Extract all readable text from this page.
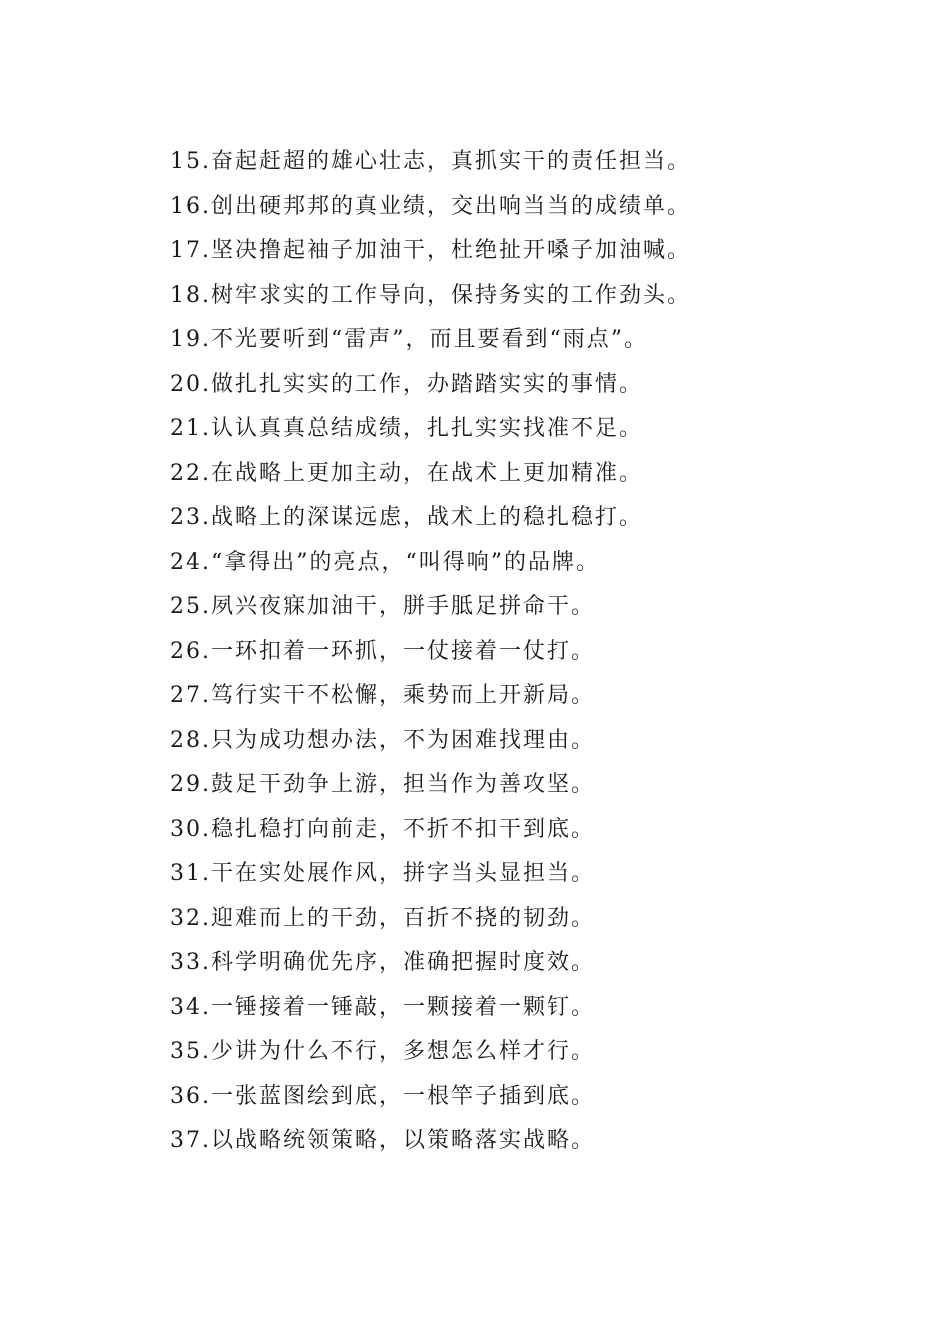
15.奋起赶超的雄心壮志，真抓实干的责任担当。
16.创出硬邦邦的真业绩，交出响当当的成绩单。
17.坚决撸起袖子加油干，杜绝扯开嗓子加油喊。
18.树牢求实的工作导向，保持务实的工作劲头。
19.不光要听到“雷声”，而且要看到“雨点”。
20.做扎扎实实的工作，办踏踏实实的事情。
21.认认真真总结成绩，扎扎实实找准不足。
22.在战略上更加主动，在战术上更加精准。
23.战略上的深谋远虑，战术上的稳扎稳打。
24.“拿得出”的亮点，“叫得响”的品牌。
25.夙兴夜寐加油干，胼手胝足拼命干。
26.一环扣着一环抓，一仗接着一仗打。
27.笃行实干不松懈，乘势而上开新局。
28.只为成功想办法，不为困难找理由。
29.鼓足干劲争上游，担当作为善攻坚。
30.稳扎稳打向前走，不折不扣干到底。
31.干在实处展作风，拼字当头显担当。
32.迎难而上的干劲，百折不挠的韧劲。
33.科学明确优先序，准确把握时度效。
34.一锤接着一锤敲，一颗接着一颗钉。
35.少讲为什么不行，多想怎么样才行。
36.一张蓝图绘到底，一根竿子插到底。
37.以战略统领策略，以策略落实战略。
